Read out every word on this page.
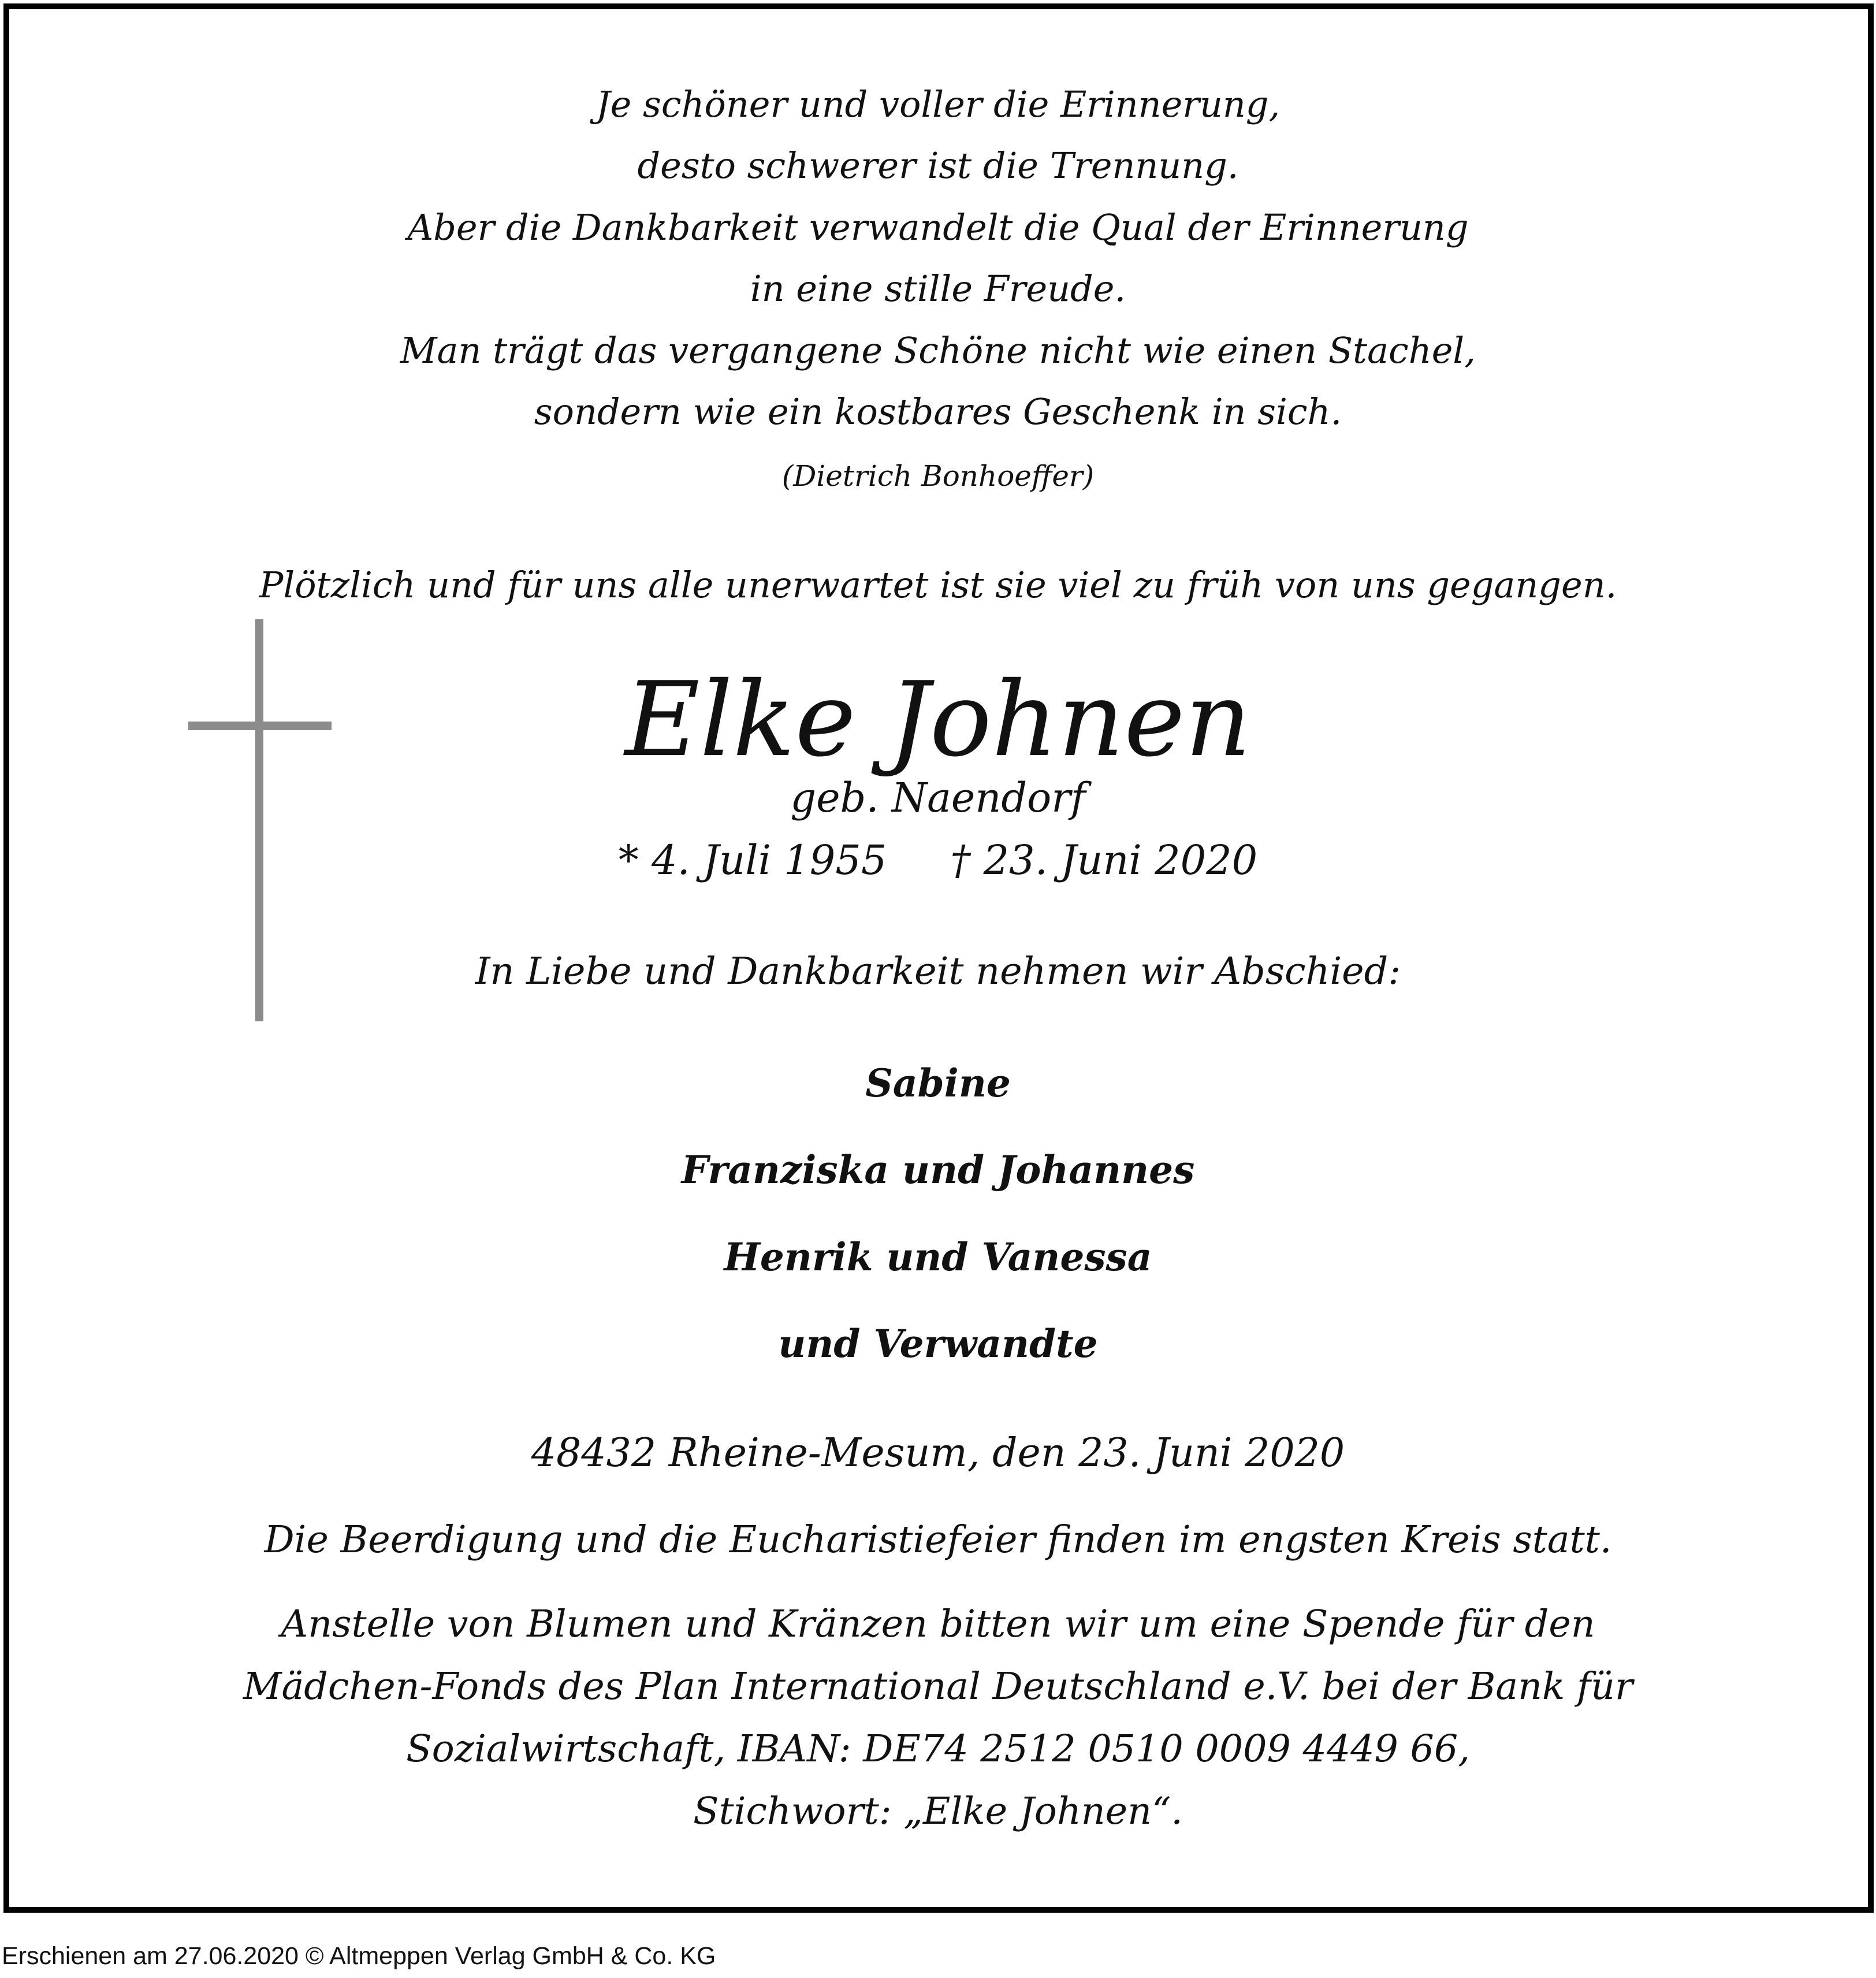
Je schöner und voller die Erinnerung,
desto schwerer ist die Trennung.
Aber die Dankbarkeit verwandelt die Qual der Erinnerung
in eine stille Freude.
Man trägt das vergangene Schöne nicht wie einen Stachel,
sondern wie ein kostbares Geschenk in sich.
(Dietrich Bonhoeffer)
Plötzlich und für uns alle unerwartet ist sie viel zu früh von uns gegangen.
Elke Johnen
geb. Naendorf
* 4. Juli 1955 † 23. Juni 2020
In Liebe und Dankbarkeit nehmen wir Abschied:
Sabine
Franziska und Johannes
Henrik und Vanessa
und Verwandte
48432 Rheine-Mesum, den 23. Juni 2020
Die Beerdigung und die Eucharistiefeier finden im engsten Kreis statt.
Anstelle von Blumen und Kränzen bitten wir um eine Spende für den
Mädchen-Fonds des Plan International Deutschland e.V. bei der Bank für
Sozialwirtschaft, IBAN: DE74 2512 0510 0009 4449 66,
Stichwort: „Elke Johnen“.
Erschienen am 27.06.2020 © Altmeppen Verlag GmbH & Co. KG
